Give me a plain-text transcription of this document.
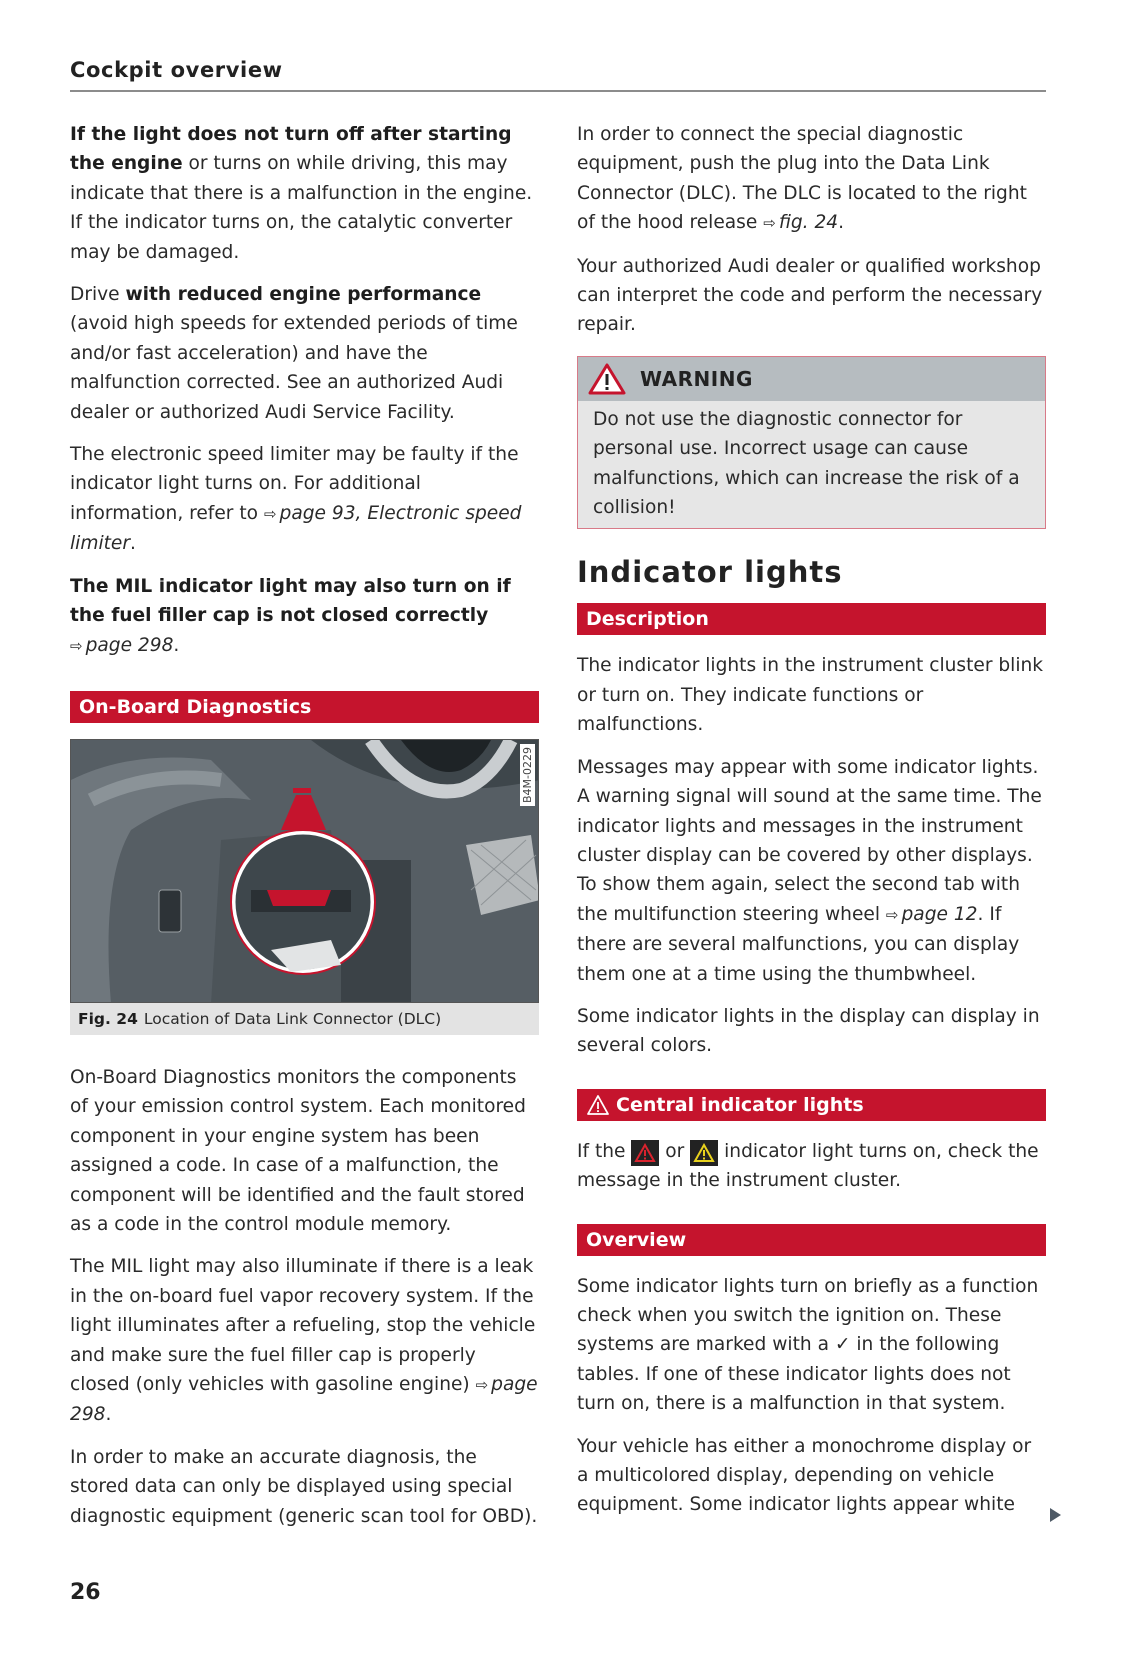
Cockpit overview

If the light does not turn off after starting the engine or turns on while driving, this may indicate that there is a malfunction in the engine. If the indicator turns on, the catalytic converter may be damaged.

Drive with reduced engine performance (avoid high speeds for extended periods of time and/or fast acceleration) and have the malfunction corrected. See an authorized Audi dealer or authorized Audi Service Facility.

The electronic speed limiter may be faulty if the indicator light turns on. For additional information, refer to ⇨ page 93, Electronic speed limiter.

The MIL indicator light may also turn on if the fuel filler cap is not closed correctly
⇨ page 298.

On-Board Diagnostics
B4M-0229
Fig. 24 Location of Data Link Connector (DLC)

On-Board Diagnostics monitors the components of your emission control system. Each monitored component in your engine system has been assigned a code. In case of a malfunction, the component will be identified and the fault stored as a code in the control module memory.

The MIL light may also illuminate if there is a leak in the on-board fuel vapor recovery system. If the light illuminates after a refueling, stop the vehicle and make sure the fuel filler cap is properly closed (only vehicles with gasoline engine) ⇨ page 298.

In order to make an accurate diagnosis, the stored data can only be displayed using special diagnostic equipment (generic scan tool for OBD).

In order to connect the special diagnostic equipment, push the plug into the Data Link Connector (DLC). The DLC is located to the right of the hood release ⇨ fig. 24.

Your authorized Audi dealer or qualified workshop can interpret the code and perform the necessary repair.

WARNING

Do not use the diagnostic connector for personal use. Incorrect usage can cause malfunctions, which can increase the risk of a collision!

Indicator lights
Description

The indicator lights in the instrument cluster blink or turn on. They indicate functions or malfunctions.

Messages may appear with some indicator lights. A warning signal will sound at the same time. The indicator lights and messages in the instrument cluster display can be covered by other displays. To show them again, select the second tab with the multifunction steering wheel ⇨ page 12. If there are several malfunctions, you can display them one at a time using the thumbwheel.

Some indicator lights in the display can display in several colors.

Central indicator lights

If the  or  indicator light turns on, check the message in the instrument cluster.

Overview

Some indicator lights turn on briefly as a function check when you switch the ignition on. These systems are marked with a ✓ in the following tables. If one of these indicator lights does not turn on, there is a malfunction in that system.

Your vehicle has either a monochrome display or a multicolored display, depending on vehicle equipment. Some indicator lights appear white

26
